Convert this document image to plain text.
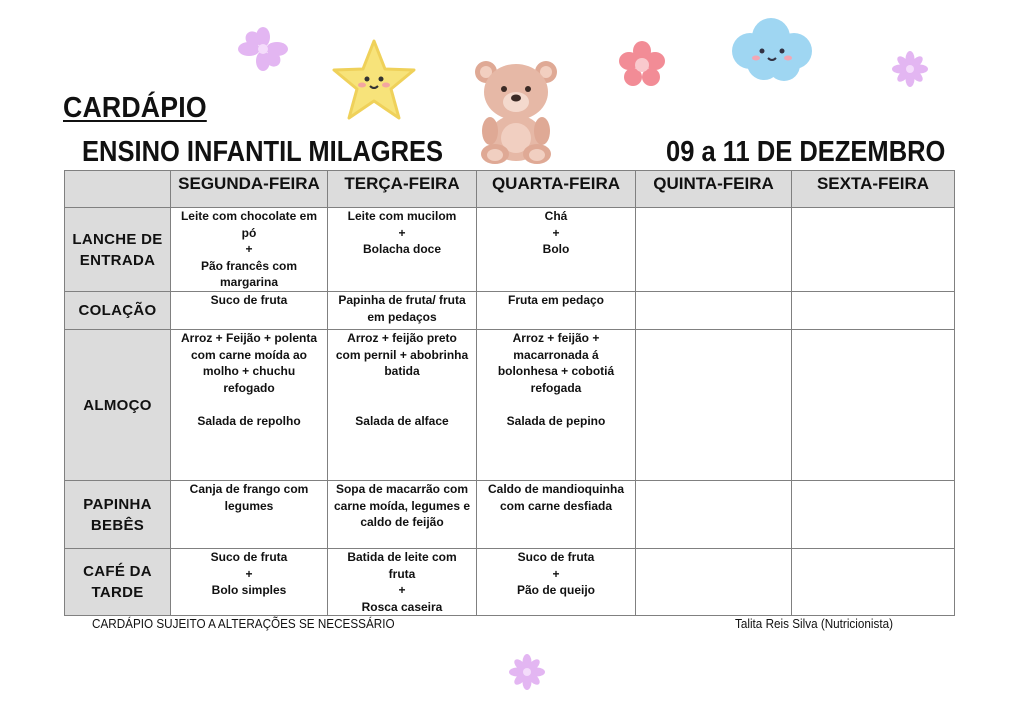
CARDÁPIO
ENSINO INFANTIL MILAGRES	09 a 11 DE DEZEMBRO
	SEGUNDA-FEIRA	TERÇA-FEIRA	QUARTA-FEIRA	QUINTA-FEIRA	SEXTA-FEIRA

LANCHE DE
ENTRADA	Leite com chocolate em
pó
+
Pão francês com
margarina	Leite com mucilom
+
Bolacha doce	Chá
+
Bolo		

COLAÇÃO	Suco de fruta	Papinha de fruta/ fruta
em pedaços	Fruta em pedaço		

ALMOÇO	Arroz + Feijão + polenta
com carne moída ao
molho + chuchu
refogado
Salada de repolho	Arroz + feijão preto
com pernil + abobrinha
batida
Salada de alface	Arroz + feijão +
macarronada á
bolonhesa + cobotiá
refogada
Salada de pepino		

PAPINHA
BEBÊS	Canja de frango com
legumes	Sopa de macarrão com
carne moída, legumes e
caldo de feijão	Caldo de mandioquinha
com carne desfiada		

CAFÉ DA
TARDE	Suco de fruta
+
Bolo simples	Batida de leite com
fruta
+
Rosca caseira	Suco de fruta
+
Pão de queijo		

CARDÁPIO SUJEITO A ALTERAÇÕES SE NECESSÁRIO	Talita Reis Silva (Nutricionista)
